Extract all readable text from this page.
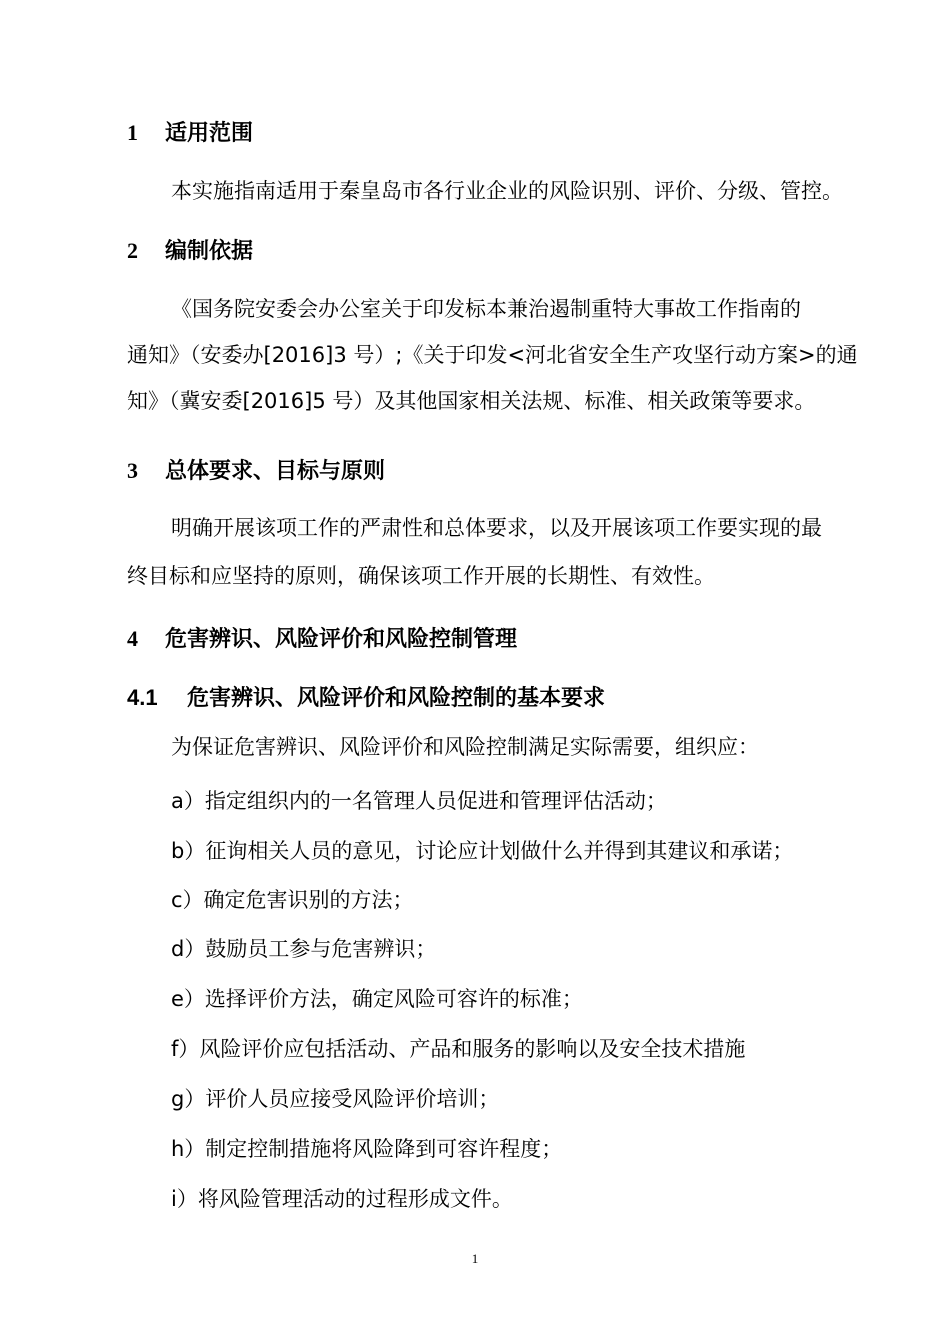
1 适用范围
本实施指南适用于秦皇岛市各行业企业的风险识别、评价、分级、管控。
2 编制依据
《国务院安委会办公室关于印发标本兼治遏制重特大事故工作指南的
通知》（安委办[2016]3 号）;《关于印发<河北省安全生产攻坚行动方案>的通
知》（冀安委[2016]5 号）及其他国家相关法规、标准、相关政策等要求。
3 总体要求、目标与原则
明确开展该项工作的严肃性和总体要求，以及开展该项工作要实现的最
终目标和应坚持的原则，确保该项工作开展的长期性、有效性。
4 危害辨识、风险评价和风险控制管理
4.1 危害辨识、风险评价和风险控制的基本要求
为保证危害辨识、风险评价和风险控制满足实际需要，组织应：
a）指定组织内的一名管理人员促进和管理评估活动；
b）征询相关人员的意见，讨论应计划做什么并得到其建议和承诺；
c）确定危害识别的方法；
d）鼓励员工参与危害辨识；
e）选择评价方法，确定风险可容许的标准；
f）风险评价应包括活动、产品和服务的影响以及安全技术措施
g）评价人员应接受风险评价培训；
h）制定控制措施将风险降到可容许程度；
i）将风险管理活动的过程形成文件。
1
